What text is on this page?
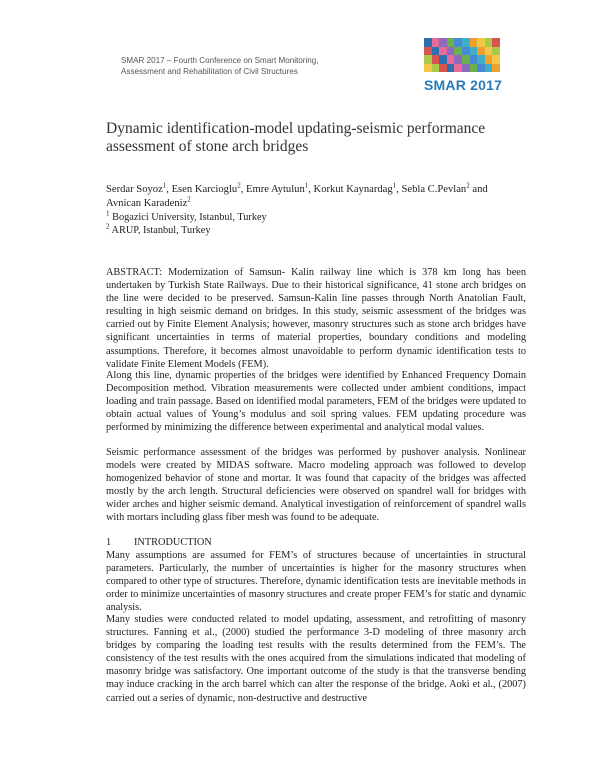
SMAR 2017 – Fourth Conference on Smart Monitoring,
Assessment and Rehabilitation of Civil Structures
SMAR 2017
Dynamic identification-model updating-seismic performance assessment of stone arch bridges
Serdar Soyoz$^1$, Esen Karcioglu$^2$, Emre Aytulun$^1$, Korkut Kaynardag$^1$, Sebla C.Pevlan$^2$ and
Avnican Karadeniz$^2$
$^1$ Bogazici University, Istanbul, Turkey
$^2$ ARUP, Istanbul, Turkey
ABSTRACT: Modernization of Samsun- Kalin railway line which is 378 km long has been undertaken by Turkish State Railways. Due to their historical significance, 41 stone arch bridges on the line were decided to be preserved. Samsun-Kalin line passes through North Anatolian Fault, resulting in high seismic demand on bridges. In this study, seismic assessment of the bridges was carried out by Finite Element Analysis; however, masonry structures such as stone arch bridges have significant uncertainties in terms of material properties, boundary conditions and modeling assumptions. Therefore, it becomes almost unavoidable to perform dynamic identification tests to validate Finite Element Models (FEM).
Along this line, dynamic properties of the bridges were identified by Enhanced Frequency Domain Decomposition method. Vibration measurements were collected under ambient conditions, impact loading and train passage. Based on identified modal parameters, FEM of the bridges were updated to obtain actual values of Young’s modulus and soil spring values. FEM updating procedure was performed by minimizing the difference between experimental and analytical modal values.
Seismic performance assessment of the bridges was performed by pushover analysis. Nonlinear models were created by MIDAS software. Macro modeling approach was followed to develop homogenized behavior of stone and mortar. It was found that capacity of the bridges was affected mostly by the arch length. Structural deficiencies were observed on spandrel wall for bridges with wider arches and higher seismic demand. Analytical investigation of reinforcement of spandrel walls with mortars including glass fiber mesh was found to be adequate.
1 INTRODUCTION
Many assumptions are assumed for FEM’s of structures because of uncertainties in structural parameters. Particularly, the number of uncertainties is higher for the masonry structures when compared to other type of structures. Therefore, dynamic identification tests are inevitable methods in order to minimize uncertainties of masonry structures and create proper FEM’s for static and dynamic analysis.
Many studies were conducted related to model updating, assessment, and retrofitting of masonry structures. Fanning et al., (2000) studied the performance 3-D modeling of three masonry arch bridges by comparing the loading test results with the results determined from the FEM’s. The consistency of the test results with the ones acquired from the simulations indicated that modeling of masonry bridge was satisfactory. One important outcome of the study is that the transverse bending may induce cracking in the arch barrel which can alter the response of the bridge. Aoki et al., (2007) carried out a series of dynamic, non-destructive and destructive
